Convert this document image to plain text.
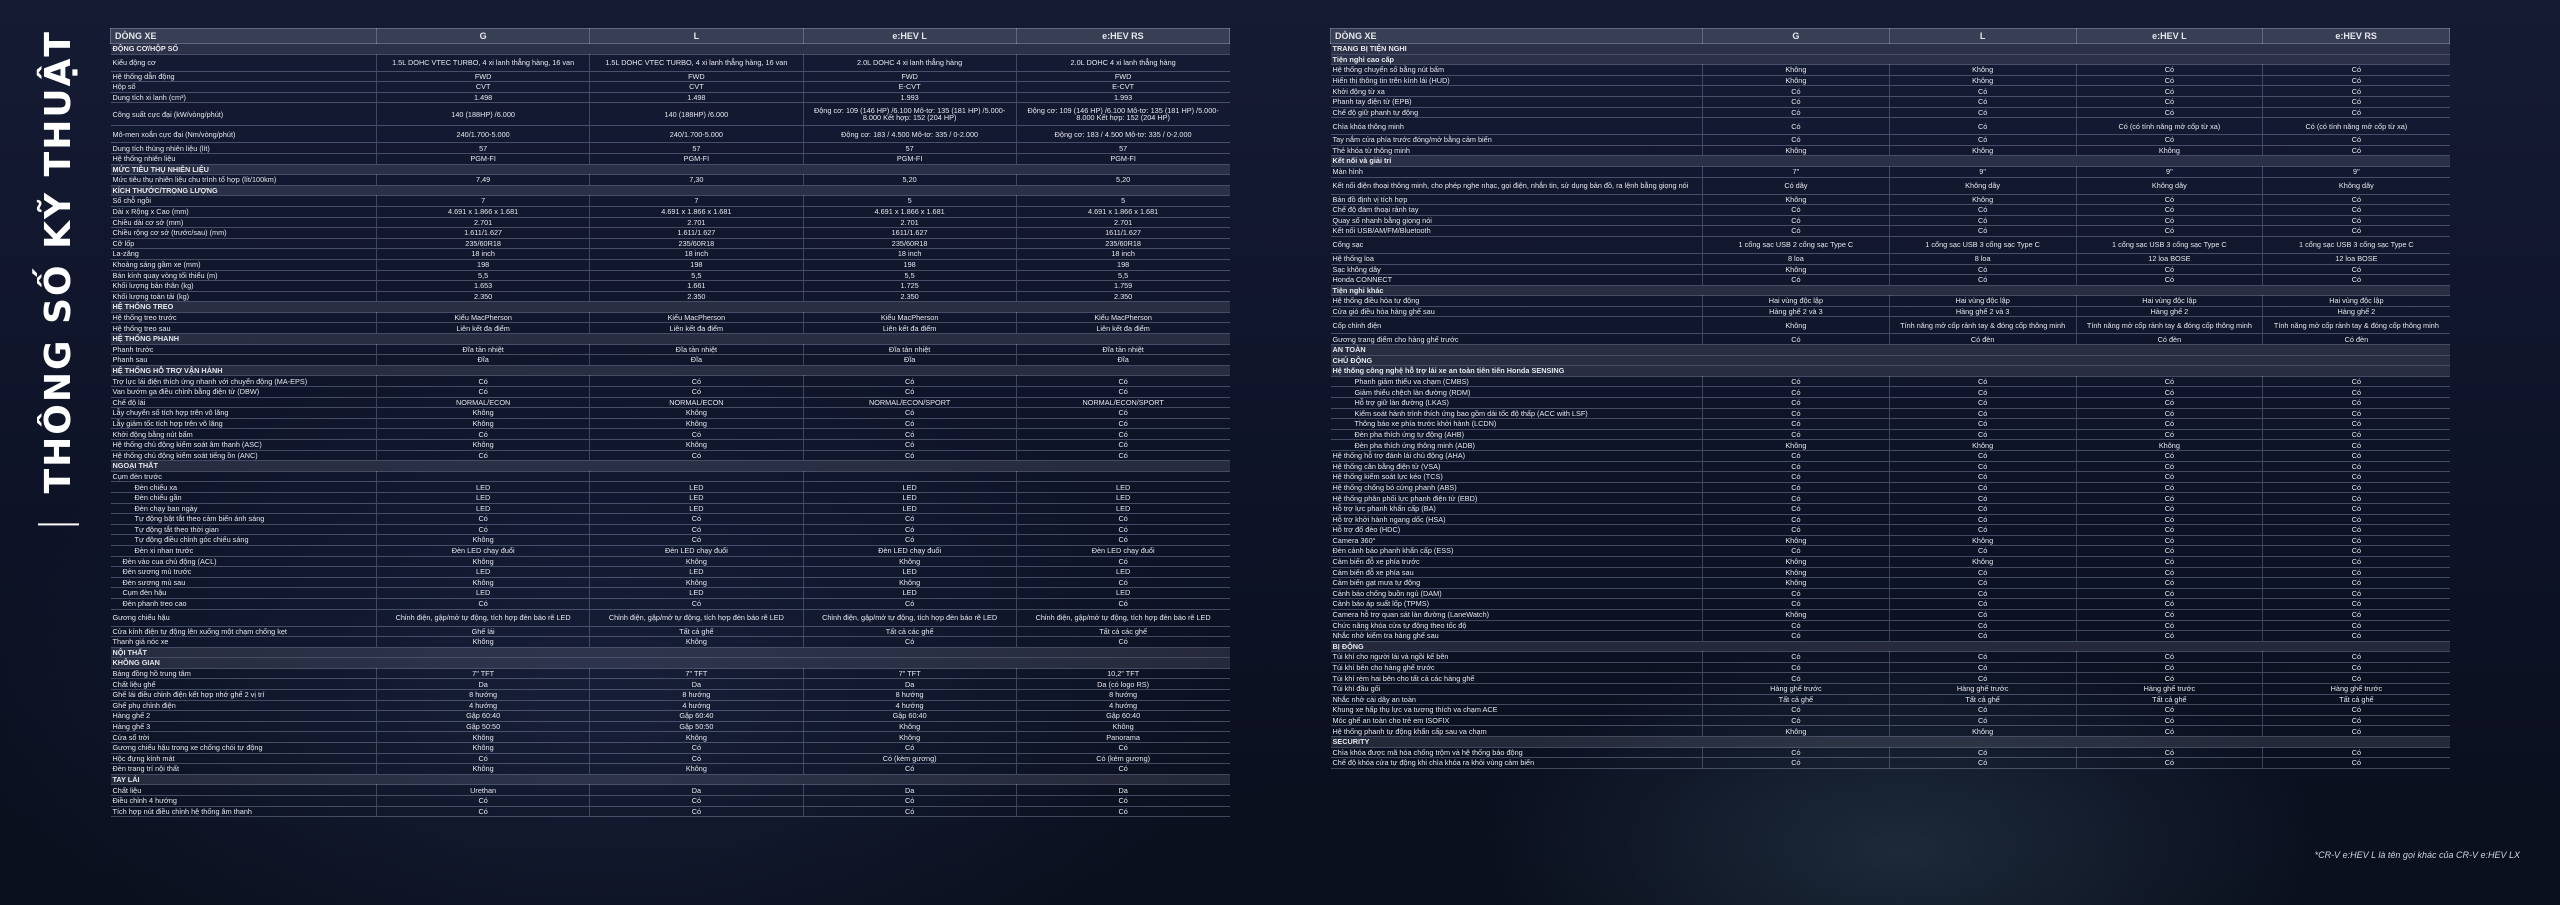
THÔNG SỐ KỸ THUẬT	DÒNG XE	G	L	e:HEV L	e:HEV RS
ĐỘNG CƠ/HỘP SỐ				
Kiểu động cơ	1.5L DOHC VTEC TURBO, 4 xi lanh thẳng hàng, 16 van	1.5L DOHC VTEC TURBO, 4 xi lanh thẳng hàng, 16 van	2.0L DOHC 4 xi lanh thẳng hàng	2.0L DOHC 4 xi lanh thẳng hàng
Hệ thống dẫn động	FWD	FWD	FWD	FWD
Hộp số	CVT	CVT	E-CVT	E-CVT
Dung tích xi lanh (cm³)	1.498	1.498	1.993	1.993
Công suất cực đại (kW/vòng/phút)	140 (188HP) /6.000	140 (188HP) /6.000	Động cơ: 109 (146 HP) /6.100 Mô-tơ: 135 (181 HP) /5.000-8.000 Kết hợp: 152 (204 HP)	Động cơ: 109 (146 HP) /6.100 Mô-tơ: 135 (181 HP) /5.000-8.000 Kết hợp: 152 (204 HP)
Mô-men xoắn cực đại (Nm/vòng/phút)	240/1.700-5.000	240/1.700-5.000	Động cơ: 183 / 4.500 Mô-tơ: 335 / 0-2.000	Động cơ: 183 / 4.500 Mô-tơ: 335 / 0-2.000
Dung tích thùng nhiên liệu (lít)	57	57	57	57
Hệ thống nhiên liệu	PGM-FI	PGM-FI	PGM-FI	PGM-FI
MỨC TIÊU THỤ NHIÊN LIỆU				
Mức tiêu thụ nhiên liệu chu trình tổ hợp (lít/100km)	7,49	7,30	5,20	5,20
KÍCH THƯỚC/TRỌNG LƯỢNG				
Số chỗ ngồi	7	7	5	5
Dài x Rộng x Cao (mm)	4.691 x 1.866 x 1.681	4.691 x 1.866 x 1.681	4.691 x 1.866 x 1.681	4.691 x 1.866 x 1.681
Chiều dài cơ sở (mm)	2.701	2.701	2.701	2.701
Chiều rộng cơ sở (trước/sau) (mm)	1.611/1.627	1.611/1.627	1611/1.627	1611/1.627
Cỡ lốp	235/60R18	235/60R18	235/60R18	235/60R18
La-zăng	18 inch	18 inch	18 inch	18 inch
Khoảng sáng gầm xe (mm)	198	198	198	198
Bán kính quay vòng tối thiểu (m)	5,5	5,5	5,5	5,5
Khối lượng bản thân (kg)	1.653	1.661	1.725	1.759
Khối lượng toàn tải (kg)	2.350	2.350	2.350	2.350
HỆ THỐNG TREO				
Hệ thống treo trước	Kiểu MacPherson	Kiểu MacPherson	Kiểu MacPherson	Kiểu MacPherson
Hệ thống treo sau	Liên kết đa điểm	Liên kết đa điểm	Liên kết đa điểm	Liên kết đa điểm
HỆ THỐNG PHANH				
Phanh trước	Đĩa tản nhiệt	Đĩa tản nhiệt	Đĩa tản nhiệt	Đĩa tản nhiệt
Phanh sau	Đĩa	Đĩa	Đĩa	Đĩa
HỆ THỐNG HỖ TRỢ VẬN HÀNH				
Trợ lực lái điện thích ứng nhanh với chuyển động (MA-EPS)	Có	Có	Có	Có
Van bướm ga điều chỉnh bằng điện tử (DBW)	Có	Có	Có	Có
Chế độ lái	NORMAL/ECON	NORMAL/ECON	NORMAL/ECON/SPORT	NORMAL/ECON/SPORT
Lẫy chuyển số tích hợp trên vô lăng	Không	Không	Có	Có
Lẫy giảm tốc tích hợp trên vô lăng	Không	Không	Có	Có
Khởi động bằng nút bấm	Có	Có	Có	Có
Hệ thống chủ động kiểm soát âm thanh (ASC)	Không	Không	Có	Có
Hệ thống chủ động kiểm soát tiếng ồn (ANC)	Có	Có	Có	Có
NGOẠI THẤT				
Cụm đèn trước				
Đèn chiếu xa	LED	LED	LED	LED
Đèn chiếu gần	LED	LED	LED	LED
Đèn chạy ban ngày	LED	LED	LED	LED
Tự động bật tắt theo cảm biến ánh sáng	Có	Có	Có	Có
Tự động tắt theo thời gian	Có	Có	Có	Có
Tự động điều chỉnh góc chiếu sáng	Không	Có	Có	Có
Đèn xi nhan trước	Đèn LED chạy đuổi	Đèn LED chạy đuổi	Đèn LED chạy đuổi	Đèn LED chạy đuổi
Đèn vào cua chủ động (ACL)	Không	Không	Không	Có
Đèn sương mù trước	LED	LED	LED	LED
Đèn sương mù sau	Không	Không	Không	Có
Cụm đèn hậu	LED	LED	LED	LED
Đèn phanh treo cao	Có	Có	Có	Có
Gương chiếu hậu	Chỉnh điện, gập/mở tự động, tích hợp đèn báo rẽ LED	Chỉnh điện, gập/mở tự động, tích hợp đèn báo rẽ LED	Chỉnh điện, gập/mở tự động, tích hợp đèn báo rẽ LED	Chỉnh điện, gập/mở tự động, tích hợp đèn báo rẽ LED
Cửa kính điện tự động lên xuống một chạm chống kẹt	Ghế lái	Tất cả ghế	Tất cả các ghế	Tất cả các ghế
Thanh giá nóc xe	Không	Không	Có	Có
NỘI THẤT				
KHÔNG GIAN				
Bảng đồng hồ trung tâm	7" TFT	7" TFT	7" TFT	10,2" TFT
Chất liệu ghế	Da	Da	Da	Da (có logo RS)
Ghế lái điều chỉnh điện kết hợp nhớ ghế 2 vị trí	8 hướng	8 hướng	8 hướng	8 hướng
Ghế phụ chỉnh điện	4 hướng	4 hướng	4 hướng	4 hướng
Hàng ghế 2	Gập 60:40	Gập 60:40	Gập 60:40	Gập 60:40
Hàng ghế 3	Gập 50:50	Gập 50:50	Không	Không
Cửa sổ trời	Không	Không	Không	Panorama
Gương chiếu hậu trong xe chống chói tự động	Không	Có	Có	Có
Hộc đựng kính mát	Có	Có	Có (kèm gương)	Có (kèm gương)
Đèn trang trí nội thất	Không	Không	Có	Có
TAY LÁI				
Chất liệu	Urethan	Da	Da	Da
Điều chỉnh 4 hướng	Có	Có	Có	Có
Tích hợp nút điều chỉnh hệ thống âm thanh	Có	Có	Có	Có
DÒNG XE	G	L	e:HEV L	e:HEV RS
TRANG BỊ TIỆN NGHI				
Tiện nghi cao cấp				
Hệ thống chuyển số bằng nút bấm	Không	Không	Có	Có
Hiển thị thông tin trên kính lái (HUD)	Không	Không	Có	Có
Khởi động từ xa	Có	Có	Có	Có
Phanh tay điện tử (EPB)	Có	Có	Có	Có
Chế độ giữ phanh tự động	Có	Có	Có	Có
Chìa khóa thông minh	Có	Có	Có (có tính năng mở cốp từ xa)	Có (có tính năng mở cốp từ xa)
Tay nắm cửa phía trước đóng/mở bằng cảm biến	Có	Có	Có	Có
Thẻ khóa từ thông minh	Không	Không	Không	Có
Kết nối và giải trí				
Màn hình	7"	9"	9"	9"
Kết nối điện thoại thông minh, cho phép nghe nhạc, gọi điện, nhắn tin, sử dụng bản đồ, ra lệnh bằng giọng nói	Có dây	Không dây	Không dây	Không dây
Bản đồ định vị tích hợp	Không	Không	Có	Có
Chế độ đàm thoại rảnh tay	Có	Có	Có	Có
Quay số nhanh bằng giọng nói	Có	Có	Có	Có
Kết nối USB/AM/FM/Bluetooth	Có	Có	Có	Có
Cổng sạc	1 cổng sạc USB 2 cổng sạc Type C	1 cổng sạc USB 3 cổng sạc Type C	1 cổng sạc USB 3 cổng sạc Type C	1 cổng sạc USB 3 cổng sạc Type C
Hệ thống loa	8 loa	8 loa	12 loa BOSE	12 loa BOSE
Sạc không dây	Không	Có	Có	Có
Honda CONNECT	Có	Có	Có	Có
Tiện nghi khác				
Hệ thống điều hòa tự động	Hai vùng độc lập	Hai vùng độc lập	Hai vùng độc lập	Hai vùng độc lập
Cửa gió điều hòa hàng ghế sau	Hàng ghế 2 và 3	Hàng ghế 2 và 3	Hàng ghế 2	Hàng ghế 2
Cốp chỉnh điện	Không	Tính năng mở cốp rảnh tay & đóng cốp thông minh	Tính năng mở cốp rảnh tay & đóng cốp thông minh	Tính năng mở cốp rảnh tay & đóng cốp thông minh
Gương trang điểm cho hàng ghế trước	Có	Có đèn	Có đèn	Có đèn
AN TOÀN				
CHỦ ĐỘNG				
Hệ thống công nghệ hỗ trợ lái xe an toàn tiên tiến Honda SENSING				
Phanh giảm thiểu va chạm (CMBS)	Có	Có	Có	Có
Giảm thiểu chệch làn đường (RDM)	Có	Có	Có	Có
Hỗ trợ giữ làn đường (LKAS)	Có	Có	Có	Có
Kiểm soát hành trình thích ứng bao gồm dải tốc độ thấp (ACC with LSF)	Có	Có	Có	Có
Thông báo xe phía trước khởi hành (LCDN)	Có	Có	Có	Có
Đèn pha thích ứng tự động (AHB)	Có	Có	Có	Có
Đèn pha thích ứng thông minh (ADB)	Không	Không	Không	Có
Hệ thống hỗ trợ đánh lái chủ động (AHA)	Có	Có	Có	Có
Hệ thống cân bằng điện tử (VSA)	Có	Có	Có	Có
Hệ thống kiểm soát lực kéo (TCS)	Có	Có	Có	Có
Hệ thống chống bó cứng phanh (ABS)	Có	Có	Có	Có
Hệ thống phân phối lực phanh điện tử (EBD)	Có	Có	Có	Có
Hỗ trợ lực phanh khẩn cấp (BA)	Có	Có	Có	Có
Hỗ trợ khởi hành ngang dốc (HSA)	Có	Có	Có	Có
Hỗ trợ đổ đèo (HDC)	Có	Có	Có	Có
Camera 360°	Không	Không	Có	Có
Đèn cảnh báo phanh khẩn cấp (ESS)	Có	Có	Có	Có
Cảm biến đỗ xe phía trước	Không	Không	Có	Có
Cảm biến đỗ xe phía sau	Không	Có	Có	Có
Cảm biến gạt mưa tự động	Không	Có	Có	Có
Cảnh báo chống buồn ngủ (DAM)	Có	Có	Có	Có
Cảnh báo áp suất lốp (TPMS)	Có	Có	Có	Có
Camera hỗ trợ quan sát làn đường (LaneWatch)	Không	Có	Có	Có
Chức năng khóa cửa tự động theo tốc độ	Có	Có	Có	Có
Nhắc nhở kiểm tra hàng ghế sau	Có	Có	Có	Có
BỊ ĐỘNG				
Túi khí cho người lái và ngồi kế bên	Có	Có	Có	Có
Túi khí bên cho hàng ghế trước	Có	Có	Có	Có
Túi khí rèm hai bên cho tất cả các hàng ghế	Có	Có	Có	Có
Túi khí đầu gối	Hàng ghế trước	Hàng ghế trước	Hàng ghế trước	Hàng ghế trước
Nhắc nhở cài dây an toàn	Tất cả ghế	Tất cả ghế	Tất cả ghế	Tất cả ghế
Khung xe hấp thụ lực va tương thích va chạm ACE	Có	Có	Có	Có
Móc ghế an toàn cho trẻ em ISOFIX	Có	Có	Có	Có
Hệ thống phanh tự động khẩn cấp sau va chạm	Không	Không	Có	Có
SECURITY				
Chìa khóa được mã hóa chống trộm và hệ thống báo động	Có	Có	Có	Có
Chế độ khóa cửa tự động khi chìa khóa ra khỏi vùng cảm biến	Có	Có	Có	Có
*CR-V e:HEV L là tên gọi khác của CR-V e:HEV LX
